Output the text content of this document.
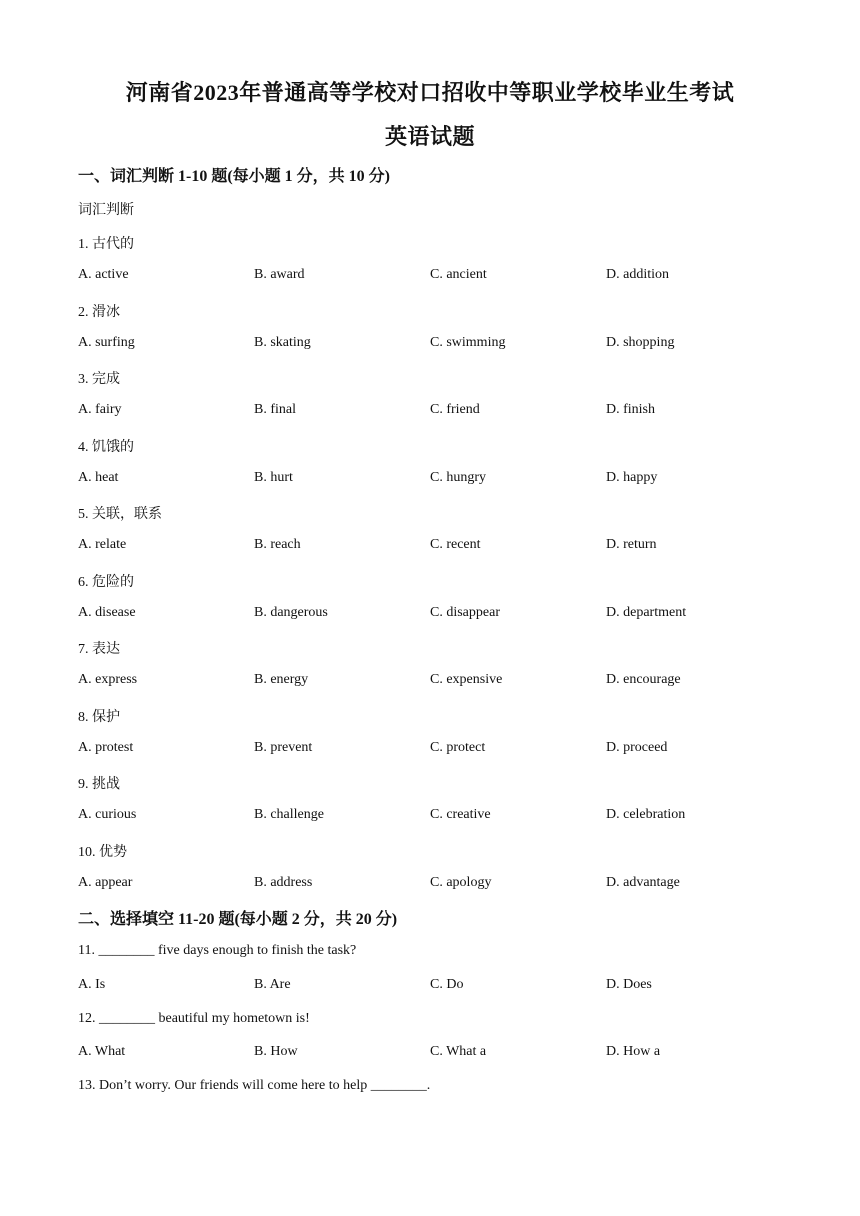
河南省2023年普通高等学校对口招收中等职业学校毕业生考试
英语试题
一、词汇判断 1-10 题(每小题 1 分，共 10 分)
词汇判断
1. 古代的
A. active	B. award	C. ancient	D. addition
2. 滑冰
A. surfing	B. skating	C. swimming	D. shopping
3. 完成
A. fairy	B. final	C. friend	D. finish
4. 饥饿的
A. heat	B. hurt	C. hungry	D. happy
5. 关联，联系
A. relate	B. reach	C. recent	D. return
6. 危险的
A. disease	B. dangerous	C. disappear	D. department
7. 表达
A. express	B. energy	C. expensive	D. encourage
8. 保护
A. protest	B. prevent	C. protect	D. proceed
9. 挑战
A. curious	B. challenge	C. creative	D. celebration
10. 优势
A. appear	B. address	C. apology	D. advantage
二、选择填空 11-20 题(每小题 2 分，共 20 分)
11. ________ five days enough to finish the task?
A. Is	B. Are	C. Do	D. Does
12. ________ beautiful my hometown is!
A. What	B. How	C. What a	D. How a
13. Don’t worry. Our friends will come here to help ________.
